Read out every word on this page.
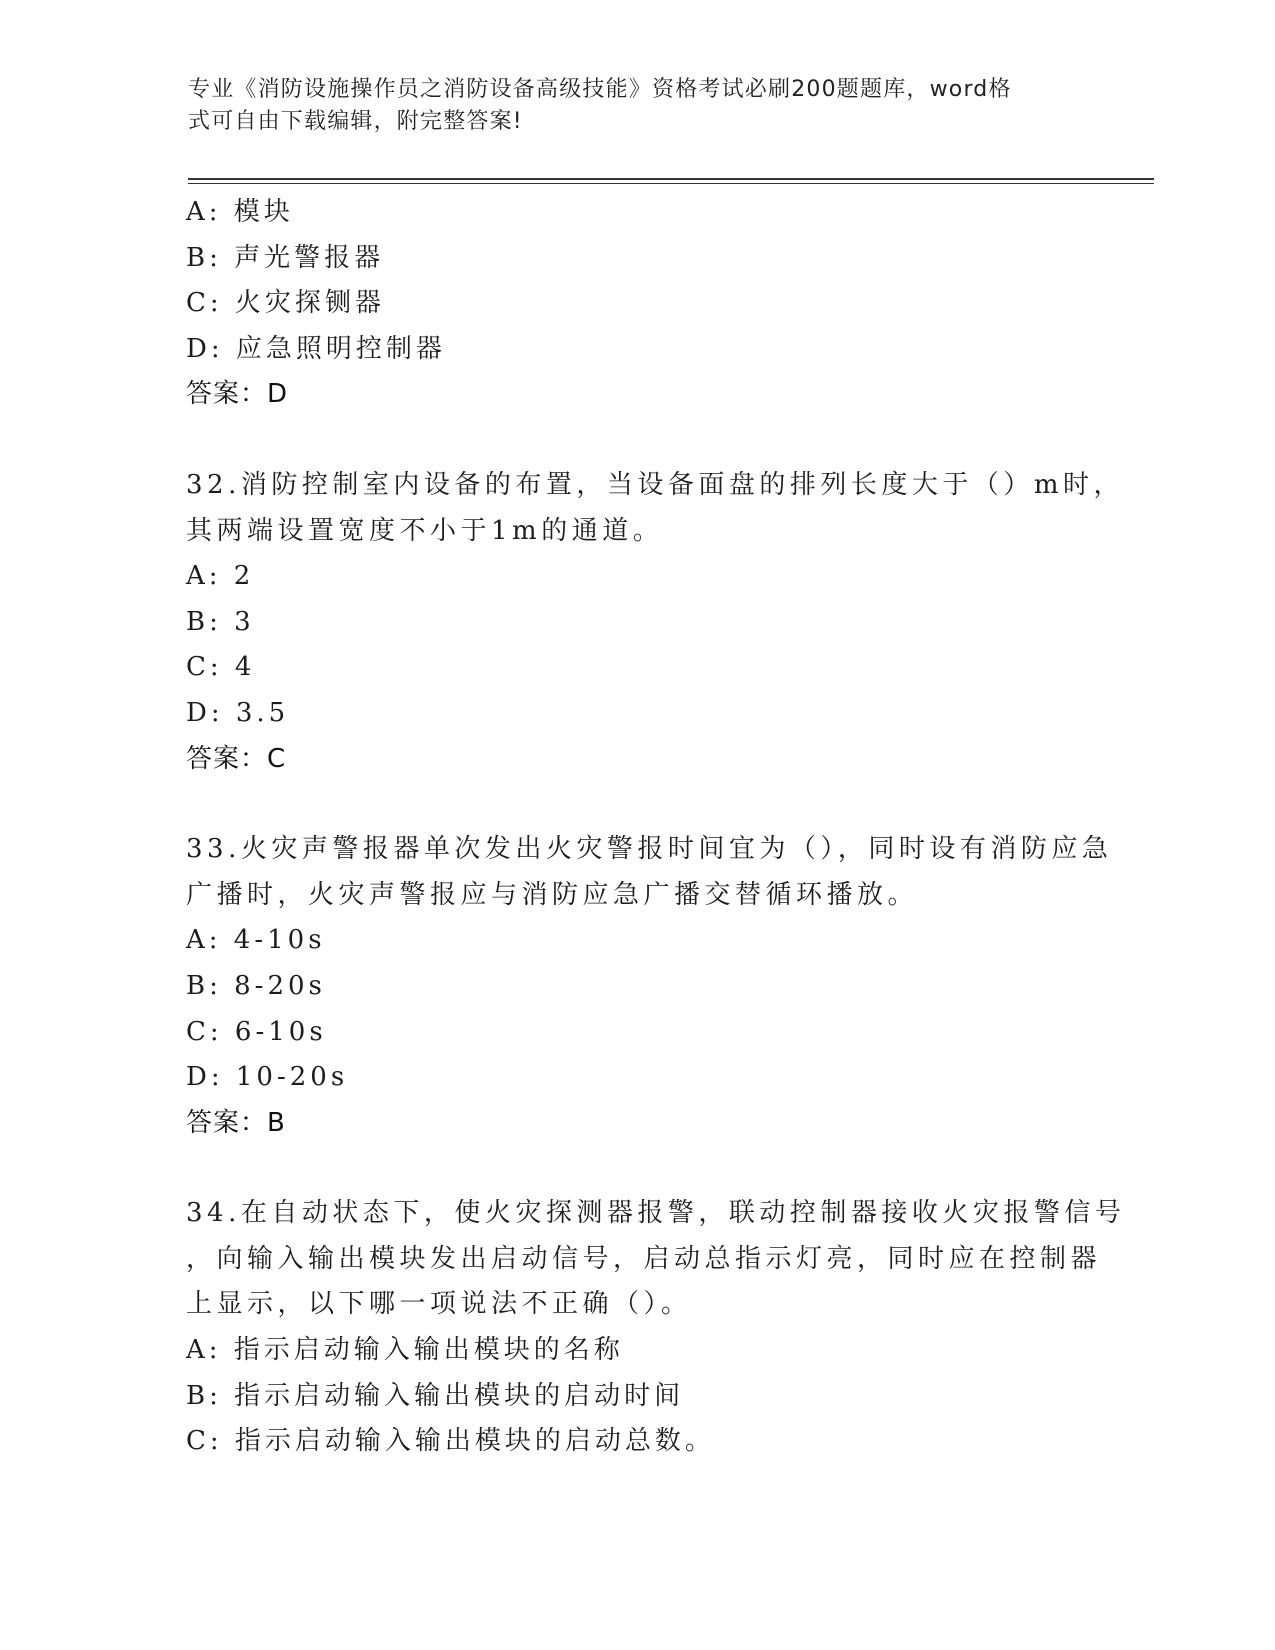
专业《消防设施操作员之消防设备高级技能》资格考试必刷200题题库，word格
式可自由下载编辑，附完整答案!
A: 模块
B: 声光警报器
C: 火灾探铡器
D: 应急照明控制器
答案：D
32.消防控制室内设备的布置，当设备面盘的排列长度大于（）m时，
其两端设置宽度不小于1m的通道。
A: 2
B: 3
C: 4
D: 3.5
答案：C
33.火灾声警报器单次发出火灾警报时间宜为（），同时设有消防应急
广播时，火灾声警报应与消防应急广播交替循环播放。
A: 4-10s
B: 8-20s
C: 6-10s
D: 10-20s
答案：B
34.在自动状态下，使火灾探测器报警，联动控制器接收火灾报警信号
，向输入输出模块发出启动信号，启动总指示灯亮，同时应在控制器
上显示，以下哪一项说法不正确（）。
A: 指示启动输入输出模块的名称
B: 指示启动输入输出模块的启动时间
C: 指示启动输入输出模块的启动总数。
